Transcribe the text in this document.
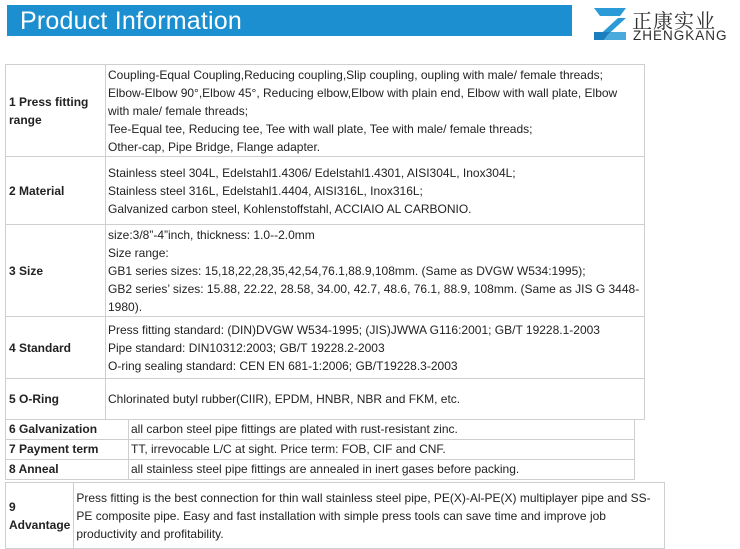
Product Information	正康实业
ZHENGKANG
1 Press fitting range	Coupling-Equal Coupling,Reducing coupling,Slip coupling, oupling with male/ female threads;
Elbow-Elbow 90°,Elbow 45°, Reducing elbow,Elbow with plain end, Elbow with wall plate, Elbow with male/ female threads;
Tee-Equal tee, Reducing tee, Tee with wall plate, Tee with male/ female threads;
Other-cap, Pipe Bridge, Flange adapter.

2 Material	Stainless steel 304L, Edelstahl1.4306/ Edelstahl1.4301, AISI304L, Inox304L;
Stainless steel 316L, Edelstahl1.4404, AISI316L, Inox316L;
Galvanized carbon steel, Kohlenstoffstahl, ACCIAIO AL CARBONIO.

3 Size	size:3/8”-4”inch, thickness: 1.0--2.0mm
Size range:
GB1 series sizes: 15,18,22,28,35,42,54,76.1,88.9,108mm. (Same as DVGW W534:1995);
GB2 series’ sizes: 15.88, 22.22, 28.58, 34.00, 42.7, 48.6, 76.1, 88.9, 108mm. (Same as JIS G 3448-1980).

4 Standard	Press fitting standard: (DIN)DVGW W534-1995; (JIS)JWWA G116:2001; GB/T 19228.1-2003
Pipe standard: DIN10312:2003; GB/T 19228.2-2003
O-ring sealing standard: CEN EN 681-1:2006; GB/T19228.3-2003

5 O-Ring	Chlorinated butyl rubber(CIIR), EPDM, HNBR, NBR and FKM, etc.
6 Galvanization	all carbon steel pipe fittings are plated with rust-resistant zinc.
7 Payment term	TT, irrevocable L/C at sight. Price term: FOB, CIF and CNF.
8 Anneal	all stainless steel pipe fittings are annealed in inert gases before packing.
9 Advantage	Press fitting is the best connection for thin wall stainless steel pipe, PE(X)-Al-PE(X) multiplayer pipe and SS-PE composite pipe. Easy and fast installation with simple press tools can save time and improve job productivity and profitability.
